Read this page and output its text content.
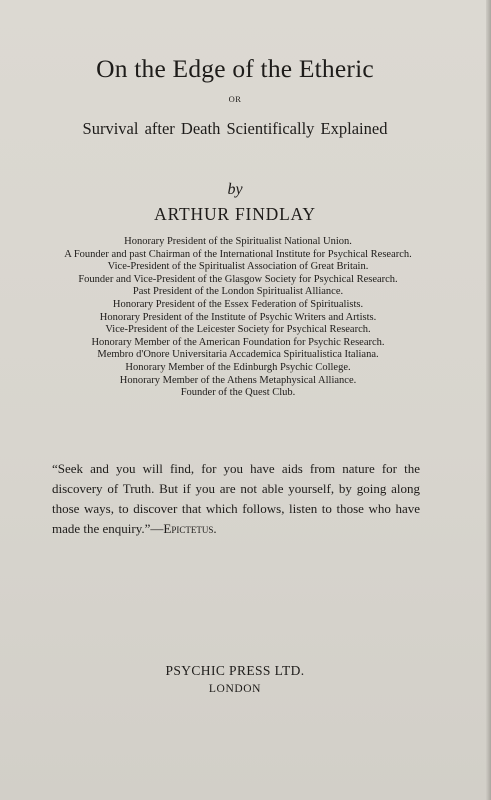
On the Edge of the Etheric
OR
Survival after Death Scientifically Explained
by
ARTHUR FINDLAY
Honorary President of the Spiritualist National Union.
A Founder and past Chairman of the International Institute for Psychical Research.
Vice-President of the Spiritualist Association of Great Britain.
Founder and Vice-President of the Glasgow Society for Psychical Research.
Past President of the London Spiritualist Alliance.
Honorary President of the Essex Federation of Spiritualists.
Honorary President of the Institute of Psychic Writers and Artists.
Vice-President of the Leicester Society for Psychical Research.
Honorary Member of the American Foundation for Psychic Research.
Membro d'Onore Universitaria Accademica Spiritualistica Italiana.
Honorary Member of the Edinburgh Psychic College.
Honorary Member of the Athens Metaphysical Alliance.
Founder of the Quest Club.

“Seek and you will find, for you have aids from nature for the discovery of Truth. But if you are not able yourself, by going along those ways, to discover that which follows, listen to those who have made the enquiry.”—Epictetus.

PSYCHIC PRESS LTD.
LONDON
